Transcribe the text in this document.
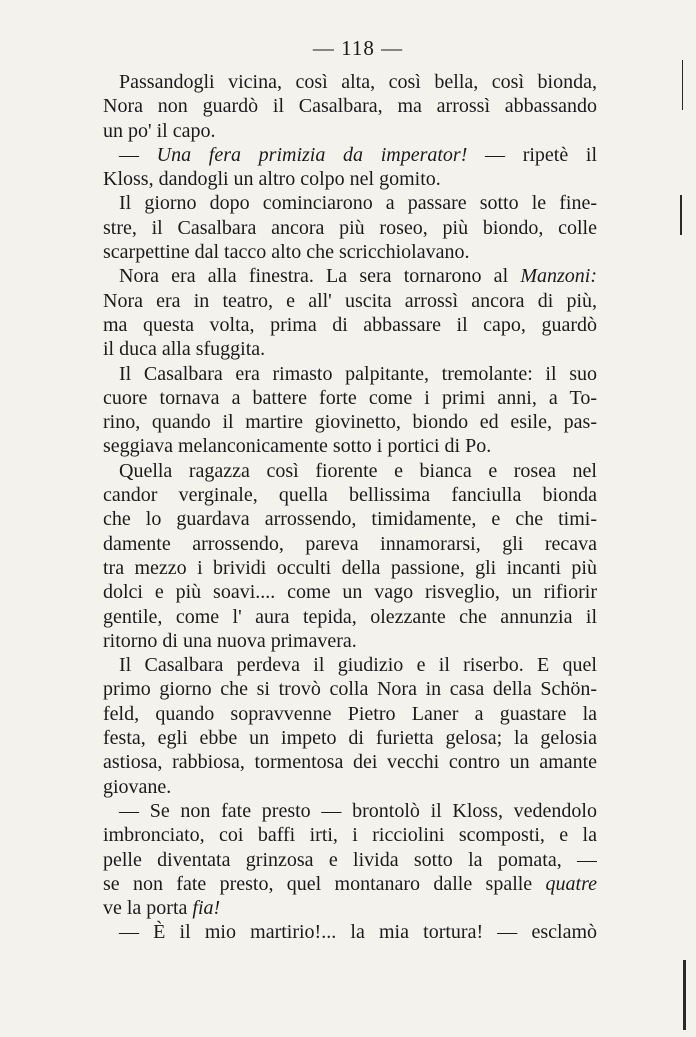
— 118 —
Passandogli vicina, così alta, così bella, così bionda,
Nora non guardò il Casalbara, ma arrossì abbassando
un po' il capo.
— Una fera primizia da imperator! — ripetè il
Kloss, dandogli un altro colpo nel gomito.
Il giorno dopo cominciarono a passare sotto le fine-
stre, il Casalbara ancora più roseo, più biondo, colle
scarpettine dal tacco alto che scricchiolavano.
Nora era alla finestra. La sera tornarono al Manzoni:
Nora era in teatro, e all' uscita arrossì ancora di più,
ma questa volta, prima di abbassare il capo, guardò
il duca alla sfuggita.
Il Casalbara era rimasto palpitante, tremolante: il suo
cuore tornava a battere forte come i primi anni, a To-
rino, quando il martire giovinetto, biondo ed esile, pas-
seggiava melanconicamente sotto i portici di Po.
Quella ragazza così fiorente e bianca e rosea nel
candor verginale, quella bellissima fanciulla bionda
che lo guardava arrossendo, timidamente, e che timi-
damente arrossendo, pareva innamorarsi, gli recava
tra mezzo i brividi occulti della passione, gli incanti più
dolci e più soavi.... come un vago risveglio, un rifiorir
gentile, come l' aura tepida, olezzante che annunzia il
ritorno di una nuova primavera.
Il Casalbara perdeva il giudizio e il riserbo. E quel
primo giorno che si trovò colla Nora in casa della Schön-
feld, quando sopravvenne Pietro Laner a guastare la
festa, egli ebbe un impeto di furietta gelosa; la gelosia
astiosa, rabbiosa, tormentosa dei vecchi contro un amante
giovane.
— Se non fate presto — brontolò il Kloss, vedendolo
imbronciato, coi baffi irti, i ricciolini scomposti, e la
pelle diventata grinzosa e livida sotto la pomata, —
se non fate presto, quel montanaro dalle spalle quatre
ve la porta fia!
— È il mio martirio!... la mia tortura! — esclamò
